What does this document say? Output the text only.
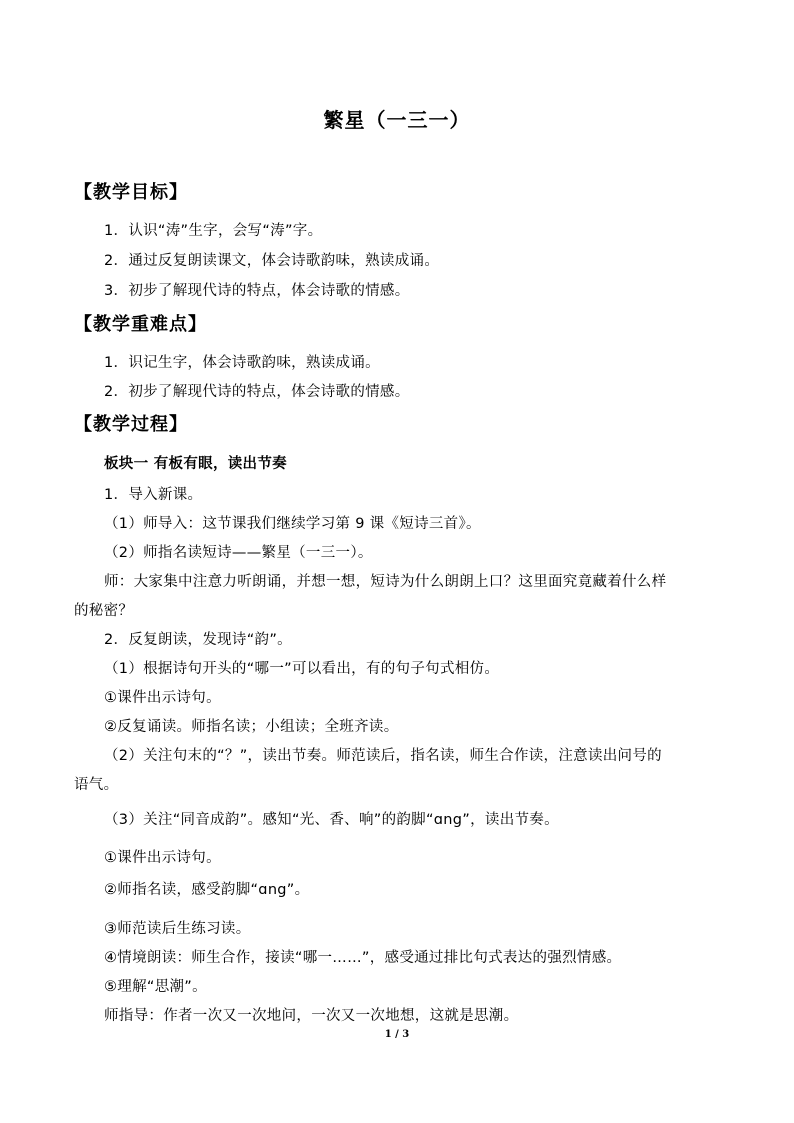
繁星（一三一）
【教学目标】
1．认识“涛”生字，会写“涛”字。
2．通过反复朗读课文，体会诗歌韵味，熟读成诵。
3．初步了解现代诗的特点，体会诗歌的情感。
【教学重难点】
1．识记生字，体会诗歌韵味，熟读成诵。
2．初步了解现代诗的特点，体会诗歌的情感。
【教学过程】
板块一 有板有眼，读出节奏
1．导入新课。
（1）师导入：这节课我们继续学习第 9 课《短诗三首》。
（2）师指名读短诗——繁星（一三一）。
师：大家集中注意力听朗诵，并想一想，短诗为什么朗朗上口？这里面究竟藏着什么样
的秘密？
2．反复朗读，发现诗“韵”。
（1）根据诗句开头的“哪一”可以看出，有的句子句式相仿。
①课件出示诗句。
②反复诵读。师指名读；小组读；全班齐读。
（2）关注句末的“？”，读出节奏。师范读后，指名读，师生合作读，注意读出问号的
语气。
（3）关注“同音成韵”。感知“光、香、响”的韵脚“ɑng”，读出节奏。
①课件出示诗句。
②师指名读，感受韵脚“ɑng”。
③师范读后生练习读。
④情境朗读：师生合作，接读“哪一……”，感受通过排比句式表达的强烈情感。
⑤理解“思潮”。
师指导：作者一次又一次地问，一次又一次地想，这就是思潮。
1 / 3
